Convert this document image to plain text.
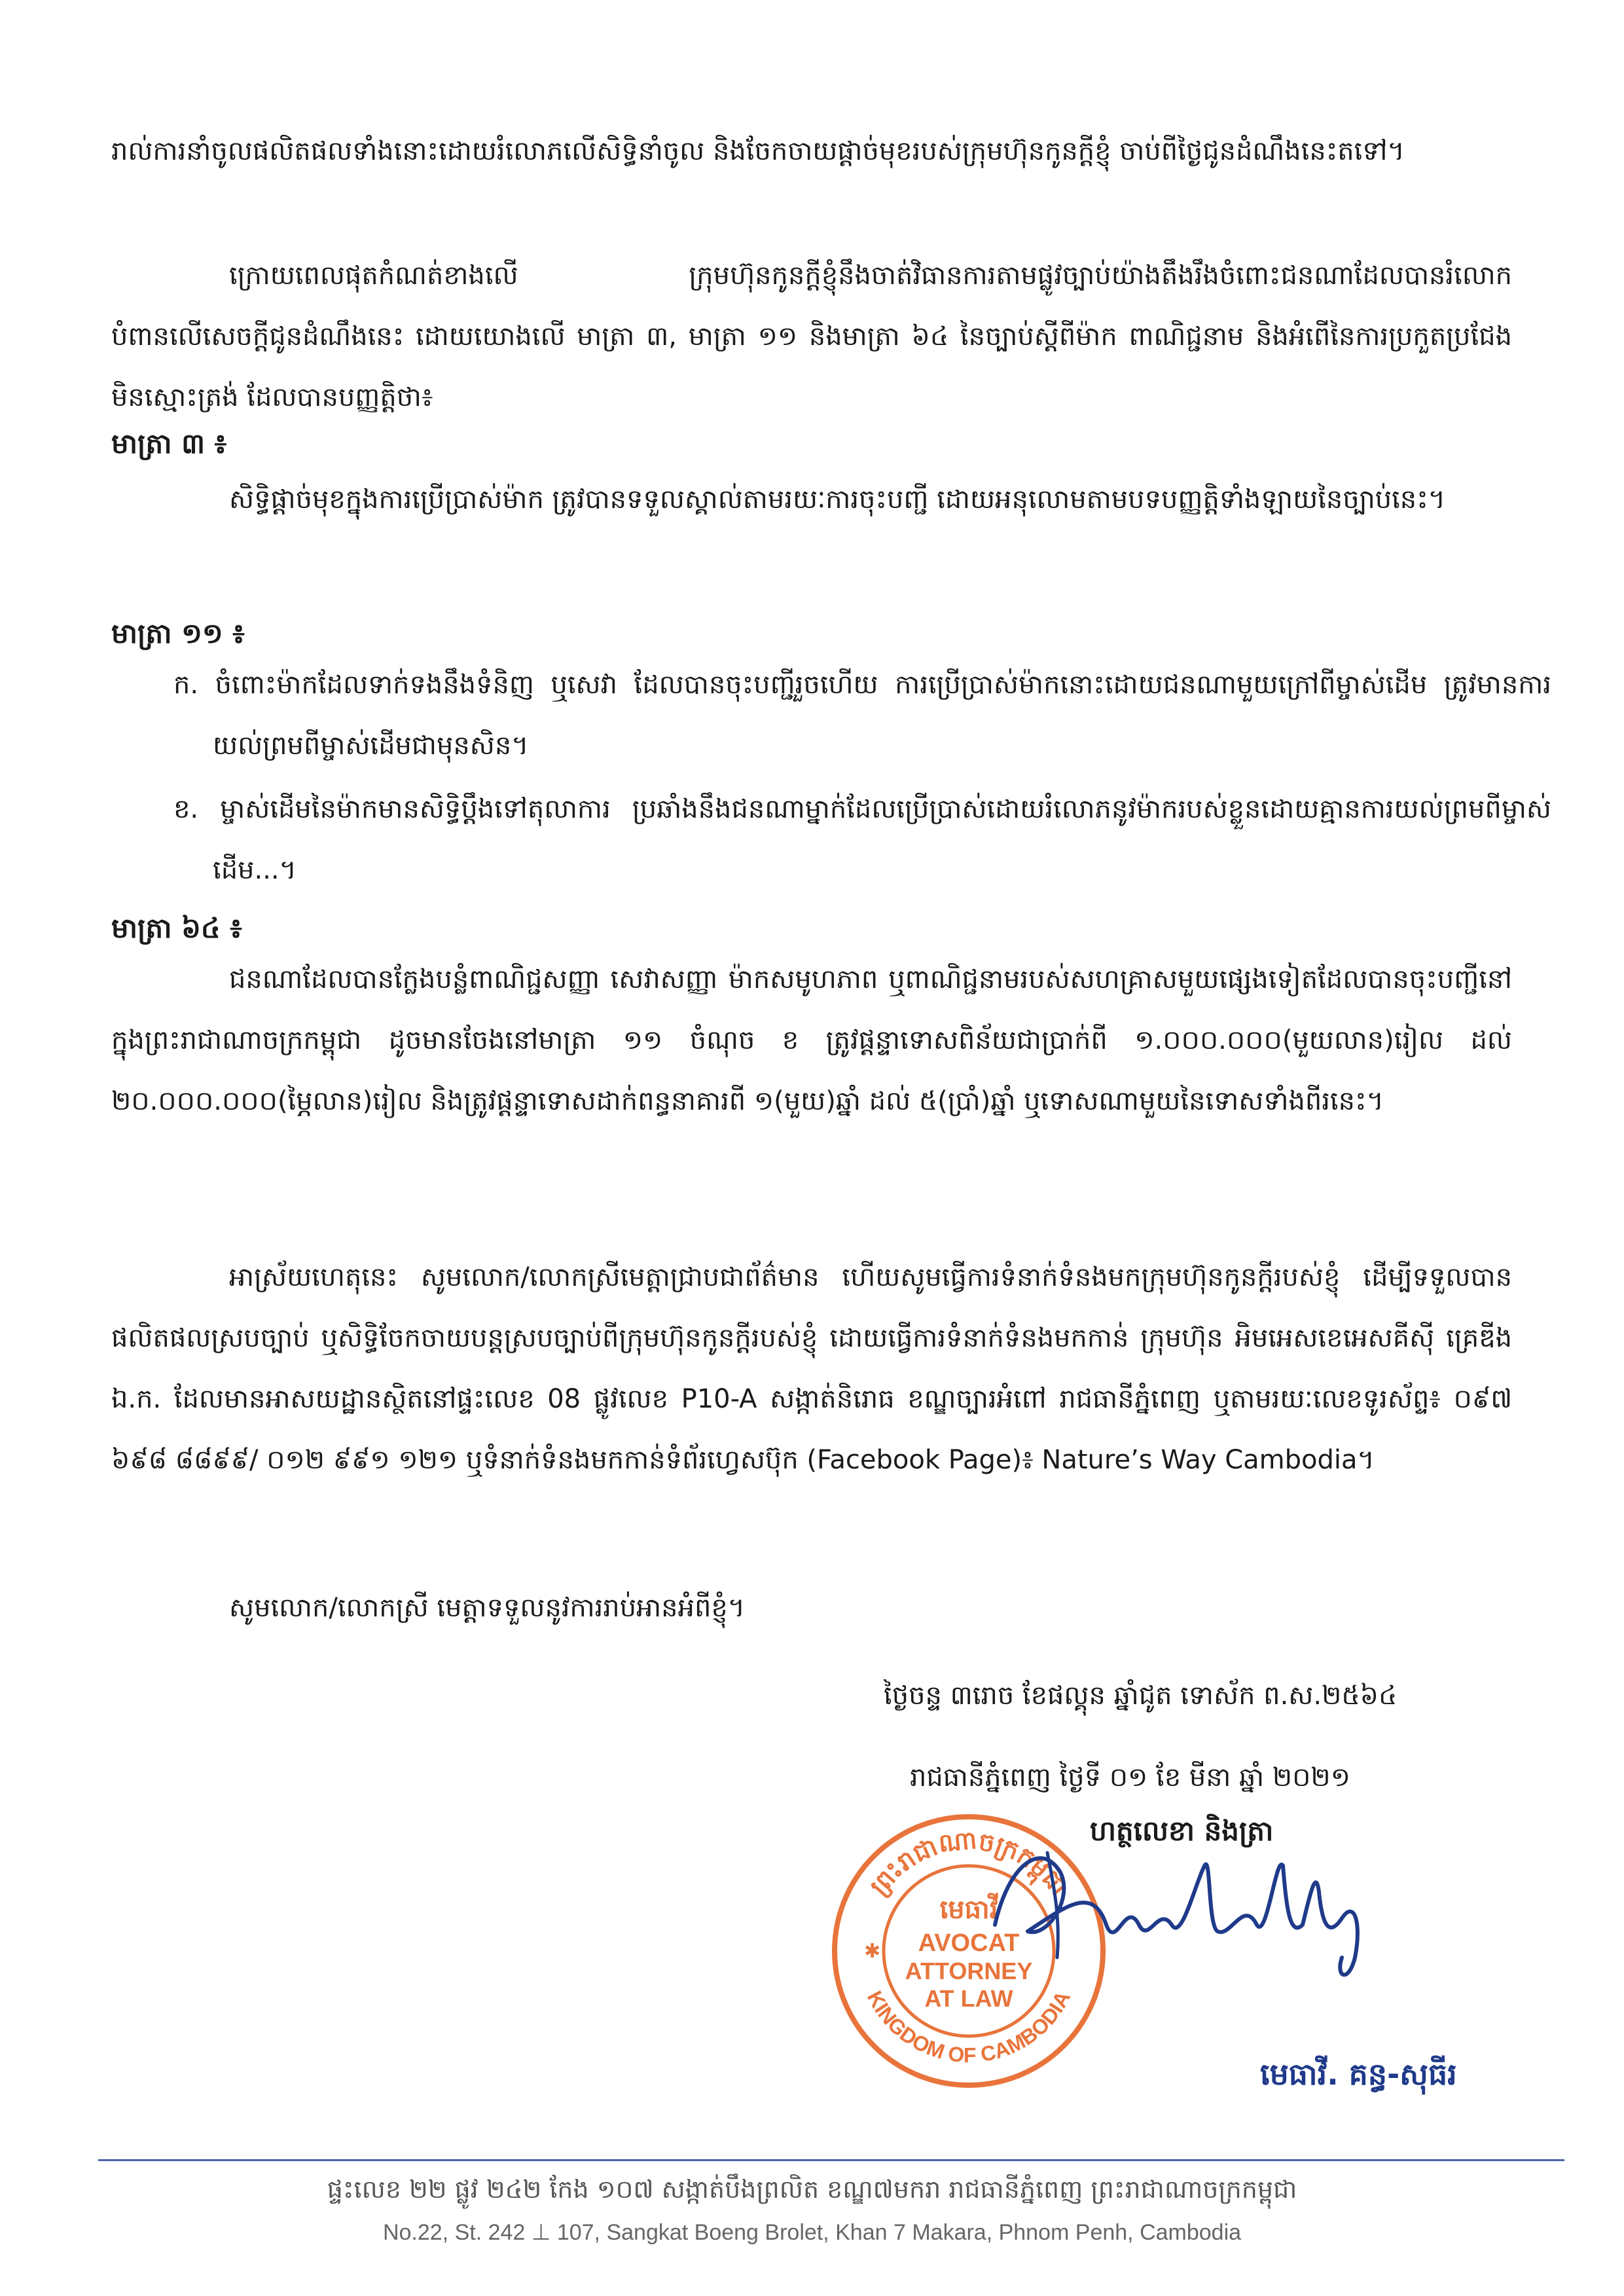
រាល់ការនាំចូលផលិតផលទាំងនោះដោយរំលោភលើសិទ្ធិនាំចូល និងចែកចាយផ្តាច់មុខរបស់ក្រុមហ៊ុនកូនក្តីខ្ញុំ ចាប់ពីថ្ងៃជូនដំណឹងនេះតទៅ។
ក្រោយពេលផុតកំណត់ខាងលើ ក្រុមហ៊ុនកូនក្តីខ្ញុំនឹងចាត់វិធានការតាមផ្លូវច្បាប់យ៉ាងតឹងរឹងចំពោះជនណាដែលបានរំលោកបំពានលើសេចក្តីជូនដំណឹងនេះ ដោយយោងលើ មាត្រា ៣, មាត្រា ១១ និងមាត្រា ៦៤ នៃច្បាប់ស្តីពីម៉ាក ពាណិជ្ជនាម និងអំពើនៃការប្រកួតប្រជែងមិនស្មោះត្រង់ ដែលបានបញ្ញត្តិថា៖
មាត្រា ៣ ៖
សិទ្ធិផ្តាច់មុខក្នុងការប្រើប្រាស់ម៉ាក ត្រូវបានទទួលស្គាល់តាមរយៈការចុះបញ្ជី ដោយអនុលោមតាមបទបញ្ញត្តិទាំងឡាយនៃច្បាប់នេះ។
មាត្រា ១១ ៖
ក. ចំពោះម៉ាកដែលទាក់ទងនឹងទំនិញ ឬសេវា ដែលបានចុះបញ្ជីរួចហើយ ការប្រើប្រាស់ម៉ាកនោះដោយជនណាមួយក្រៅពីម្ចាស់ដើម ត្រូវមានការយល់ព្រមពីម្ចាស់ដើមជាមុនសិន។
ខ. ម្ចាស់ដើមនៃម៉ាកមានសិទ្ធិប្តឹងទៅតុលាការ ប្រឆាំងនឹងជនណាម្នាក់ដែលប្រើប្រាស់ដោយរំលោភនូវម៉ាករបស់ខ្លួនដោយគ្មានការយល់ព្រមពីម្ចាស់ដើម...។
មាត្រា ៦៤ ៖
ជនណាដែលបានក្លែងបន្លំពាណិជ្ជសញ្ញា សេវាសញ្ញា ម៉ាកសមូហភាព ឬពាណិជ្ជនាមរបស់សហគ្រាសមួយផ្សេងទៀតដែលបានចុះបញ្ជីនៅក្នុងព្រះរាជាណាចក្រកម្ពុជា ដូចមានចែងនៅមាត្រា ១១ ចំណុច ខ ត្រូវផ្តន្ទាទោសពិន័យជាប្រាក់ពី ១.០០០.០០០(មួយលាន)រៀល ដល់ ២០.០០០.០០០(ម្ភៃលាន)រៀល និងត្រូវផ្តន្ទាទោសដាក់ពន្ធនាគារពី ១(មួយ)ឆ្នាំ ដល់ ៥(ប្រាំ)ឆ្នាំ ឬទោសណាមួយនៃទោសទាំងពីរនេះ។
អាស្រ័យហេតុនេះ សូមលោក/លោកស្រីមេត្តាជ្រាបជាព័ត៌មាន ហើយសូមធ្វើការទំនាក់ទំនងមកក្រុមហ៊ុនកូនក្តីរបស់ខ្ញុំ ដើម្បីទទួលបានផលិតផលស្របច្បាប់ ឬសិទ្ធិចែកចាយបន្តស្របច្បាប់ពីក្រុមហ៊ុនកូនក្តីរបស់ខ្ញុំ ដោយធ្វើការទំនាក់ទំនងមកកាន់ ក្រុមហ៊ុន អិមអេសខេអេសគីស៊ី គ្រេឌីង ឯ.ក. ដែលមានអាសយដ្ឋានស្ថិតនៅផ្ទះលេខ 08 ផ្លូវលេខ P10-A សង្កាត់និរោធ ខណ្ឌច្បារអំពៅ រាជធានីភ្នំពេញ ឬតាមរយៈលេខទូរស័ព្ទ៖ ០៩៧ ៦៩៨ ៨៨៩៩/ ០១២ ៩៩១ ១២១ ឬទំនាក់ទំនងមកកាន់ទំព័រហ្វេសប៊ុក (Facebook Page)៖ Nature’s Way Cambodia។
សូមលោក/លោកស្រី មេត្តាទទួលនូវការរាប់អានអំពីខ្ញុំ។
ថ្ងៃចន្ទ ៣រោច ខែផល្គុន ឆ្នាំជូត ទោស័ក ព.ស.២៥៦៤
រាជធានីភ្នំពេញ ថ្ងៃទី ០១ ខែ មីនា ឆ្នាំ ២០២១
ហត្ថលេខា និងត្រា
ព្រះរាជាណាចក្រកម្ពុជា
KINGDOM OF CAMBODIA
មេធាវី
AVOCAT
ATTORNEY
AT LAW
✱
មេធាវី. គន្ធ-សុធីរ
ផ្ទះលេខ ២២ ផ្លូវ ២៤២ កែង ១០៧ សង្កាត់បឹងព្រលិត ខណ្ឌ៧មករា រាជធានីភ្នំពេញ ព្រះរាជាណាចក្រកម្ពុជា
No.22, St. 242 ⊥ 107, Sangkat Boeng Brolet, Khan 7 Makara, Phnom Penh, Cambodia
